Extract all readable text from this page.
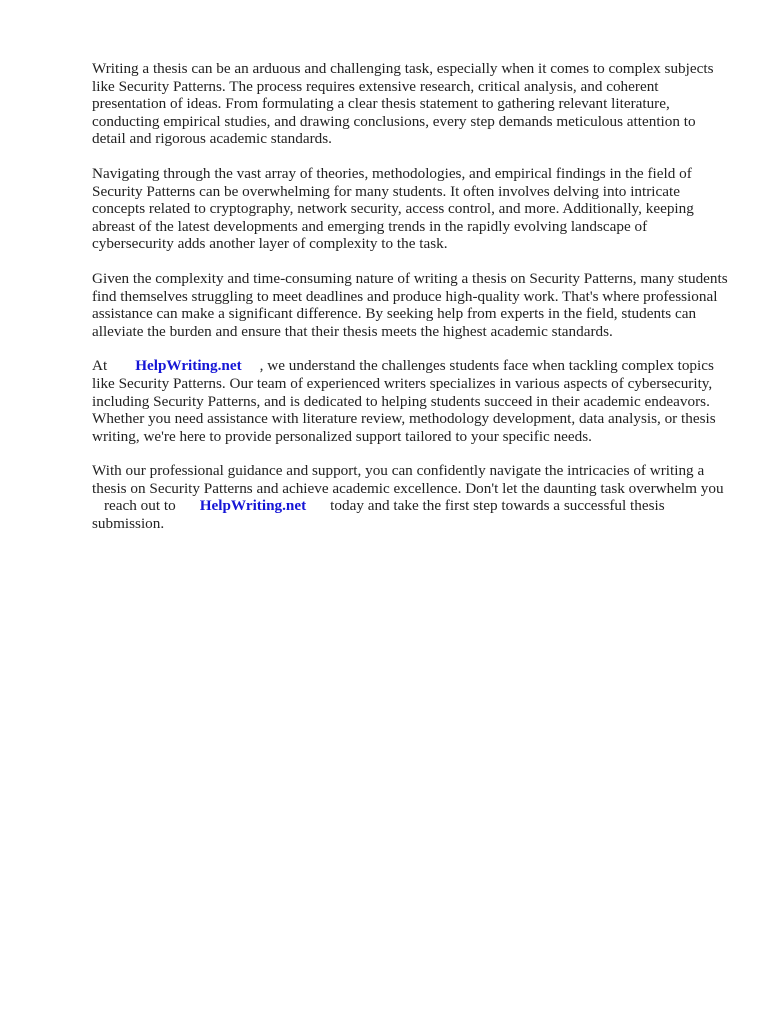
Writing a thesis can be an arduous and challenging task, especially when it comes to complex subjects like Security Patterns. The process requires extensive research, critical analysis, and coherent presentation of ideas. From formulating a clear thesis statement to gathering relevant literature, conducting empirical studies, and drawing conclusions, every step demands meticulous attention to detail and rigorous academic standards.

Navigating through the vast array of theories, methodologies, and empirical findings in the field of Security Patterns can be overwhelming for many students. It often involves delving into intricate concepts related to cryptography, network security, access control, and more. Additionally, keeping abreast of the latest developments and emerging trends in the rapidly evolving landscape of cybersecurity adds another layer of complexity to the task.

Given the complexity and time-consuming nature of writing a thesis on Security Patterns, many students find themselves struggling to meet deadlines and produce high-quality work. That's where professional assistance can make a significant difference. By seeking help from experts in the field, students can alleviate the burden and ensure that their thesis meets the highest academic standards.

At HelpWriting.net , we understand the challenges students face when tackling complex topics like Security Patterns. Our team of experienced writers specializes in various aspects of cybersecurity, including Security Patterns, and is dedicated to helping students succeed in their academic endeavors. Whether you need assistance with literature review, methodology development, data analysis, or thesis writing, we're here to provide personalized support tailored to your specific needs.

With our professional guidance and support, you can confidently navigate the intricacies of writing a thesis on Security Patterns and achieve academic excellence. Don't let the daunting task overwhelm youreach out to HelpWriting.net today and take the first step towards a successful thesis submission.
